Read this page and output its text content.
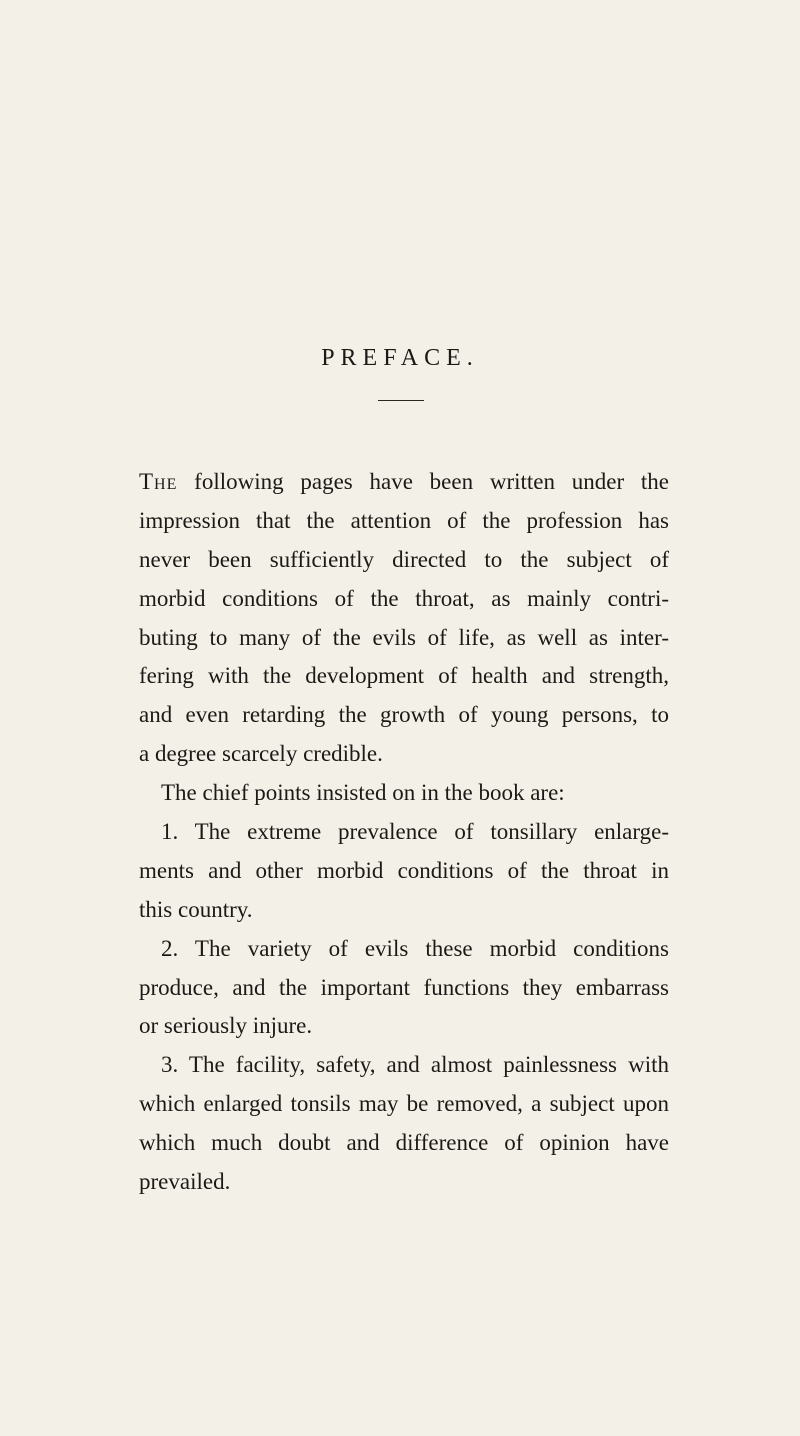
PREFACE.
The following pages have been written under the
impression that the attention of the profession has
never been sufficiently directed to the subject of
morbid conditions of the throat, as mainly contri-
buting to many of the evils of life, as well as inter-
fering with the development of health and strength,
and even retarding the growth of young persons, to
a degree scarcely credible.
The chief points insisted on in the book are:
1. The extreme prevalence of tonsillary enlarge-
ments and other morbid conditions of the throat in
this country.
2. The variety of evils these morbid conditions
produce, and the important functions they embarrass
or seriously injure.
3. The facility, safety, and almost painlessness with
which enlarged tonsils may be removed, a subject upon
which much doubt and difference of opinion have
prevailed.
